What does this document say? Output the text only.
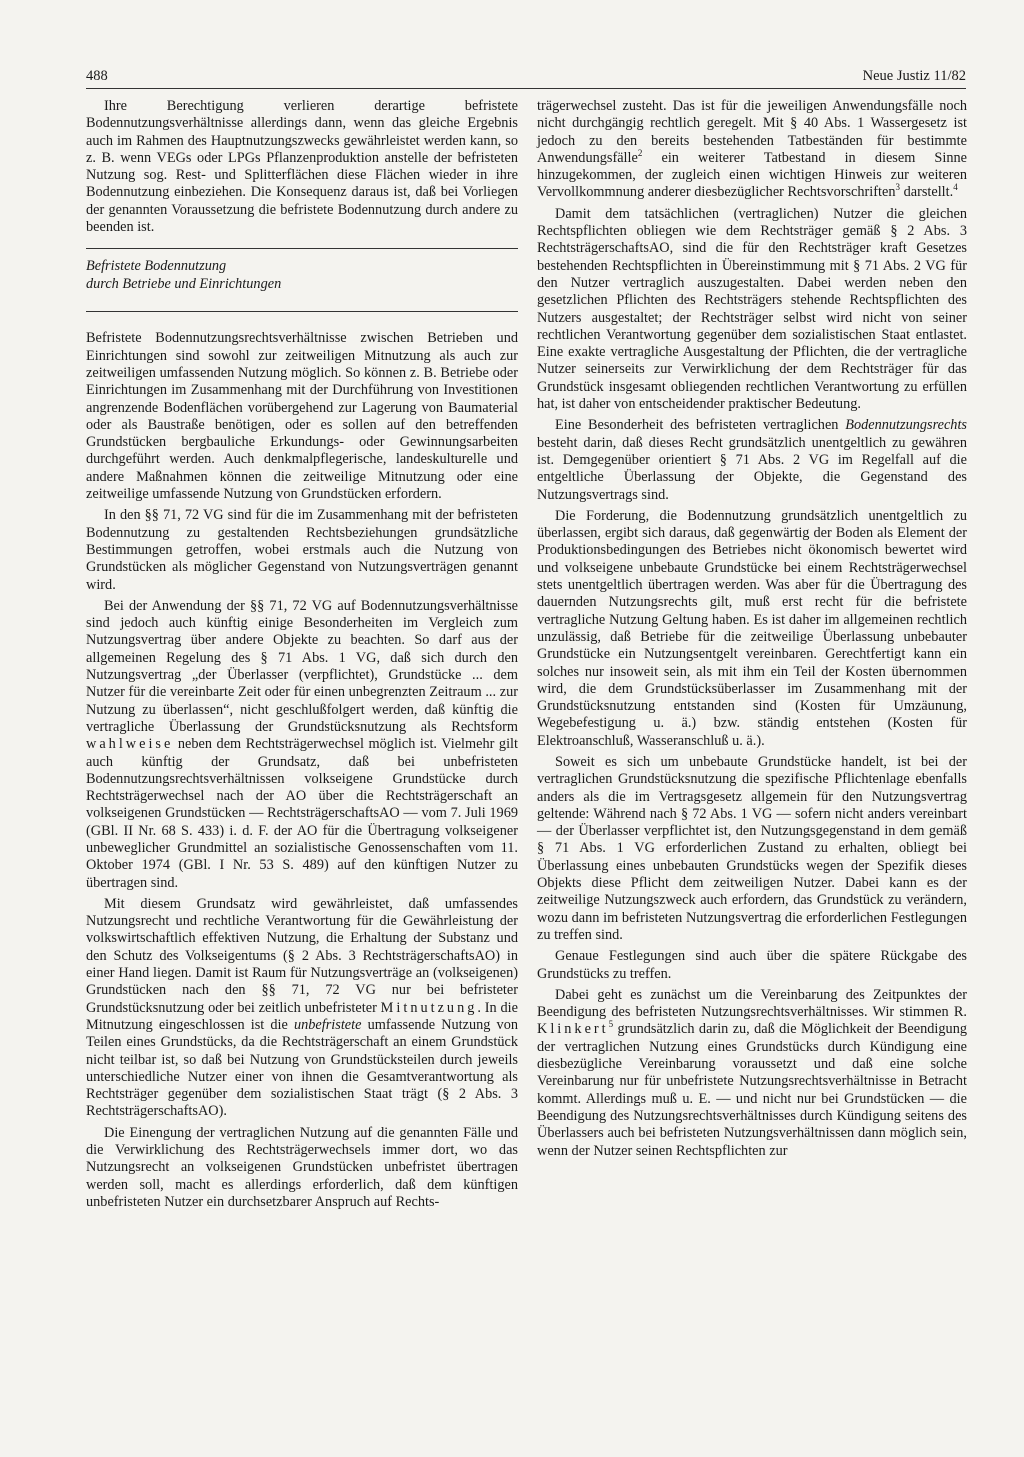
488	Neue Justiz 11/82

Ihre Berechtigung verlieren derartige befristete Bodennutzungsverhältnisse allerdings dann, wenn das gleiche Ergebnis auch im Rahmen des Hauptnutzungszwecks gewährleistet werden kann, so z. B. wenn VEGs oder LPGs Pflanzenproduktion anstelle der befristeten Nutzung sog. Rest- und Splitterflächen diese Flächen wieder in ihre Bodennutzung einbeziehen. Die Konsequenz daraus ist, daß bei Vorliegen der genannten Voraussetzung die befristete Bodennutzung durch andere zu beenden ist.

Befristete Bodennutzung
durch Betriebe und Einrichtungen

Befristete Bodennutzungsrechtsverhältnisse zwischen Betrieben und Einrichtungen sind sowohl zur zeitweiligen Mitnutzung als auch zur zeitweiligen umfassenden Nutzung möglich. So können z. B. Betriebe oder Einrichtungen im Zusammenhang mit der Durchführung von Investitionen angrenzende Bodenflächen vorübergehend zur Lagerung von Baumaterial oder als Baustraße benötigen, oder es sollen auf den betreffenden Grundstücken bergbauliche Erkundungs- oder Gewinnungsarbeiten durchgeführt werden. Auch denkmalpflegerische, landeskulturelle und andere Maßnahmen können die zeitweilige Mitnutzung oder eine zeitweilige umfassende Nutzung von Grundstücken erfordern.

In den §§ 71, 72 VG sind für die im Zusammenhang mit der befristeten Bodennutzung zu gestaltenden Rechtsbeziehungen grundsätzliche Bestimmungen getroffen, wobei erstmals auch die Nutzung von Grundstücken als möglicher Gegenstand von Nutzungsverträgen genannt wird.

Bei der Anwendung der §§ 71, 72 VG auf Bodennutzungsverhältnisse sind jedoch auch künftig einige Besonderheiten im Vergleich zum Nutzungsvertrag über andere Objekte zu beachten. So darf aus der allgemeinen Regelung des § 71 Abs. 1 VG, daß sich durch den Nutzungsvertrag „der Überlasser (verpflichtet), Grundstücke ... dem Nutzer für die vereinbarte Zeit oder für einen unbegrenzten Zeitraum ... zur Nutzung zu überlassen“, nicht geschlußfolgert werden, daß künftig die vertragliche Überlassung der Grundstücksnutzung als Rechtsform wahlweise neben dem Rechtsträgerwechsel möglich ist. Vielmehr gilt auch künftig der Grundsatz, daß bei unbefristeten Bodennutzungsrechtsverhältnissen volkseigene Grundstücke durch Rechtsträgerwechsel nach der AO über die Rechtsträgerschaft an volkseigenen Grundstücken — RechtsträgerschaftsAO — vom 7. Juli 1969 (GBl. II Nr. 68 S. 433) i. d. F. der AO für die Übertragung volkseigener unbeweglicher Grundmittel an sozialistische Genossenschaften vom 11. Oktober 1974 (GBl. I Nr. 53 S. 489) auf den künftigen Nutzer zu übertragen sind.

Mit diesem Grundsatz wird gewährleistet, daß umfassendes Nutzungsrecht und rechtliche Verantwortung für die Gewährleistung der volkswirtschaftlich effektiven Nutzung, die Erhaltung der Substanz und den Schutz des Volkseigentums (§ 2 Abs. 3 RechtsträgerschaftsAO) in einer Hand liegen. Damit ist Raum für Nutzungsverträge an (volkseigenen) Grundstücken nach den §§ 71, 72 VG nur bei befristeter Grundstücksnutzung oder bei zeitlich unbefristeter Mitnutzung. In die Mitnutzung eingeschlossen ist die unbefristete umfassende Nutzung von Teilen eines Grundstücks, da die Rechtsträgerschaft an einem Grundstück nicht teilbar ist, so daß bei Nutzung von Grundstücksteilen durch jeweils unterschiedliche Nutzer einer von ihnen die Gesamtverantwortung als Rechtsträger gegenüber dem sozialistischen Staat trägt (§ 2 Abs. 3 RechtsträgerschaftsAO).

Die Einengung der vertraglichen Nutzung auf die genannten Fälle und die Verwirklichung des Rechtsträgerwechsels immer dort, wo das Nutzungsrecht an volkseigenen Grundstücken unbefristet übertragen werden soll, macht es allerdings erforderlich, daß dem künftigen unbefristeten Nutzer ein durchsetzbarer Anspruch auf Rechts-

trägerwechsel zusteht. Das ist für die jeweiligen Anwendungsfälle noch nicht durchgängig rechtlich geregelt. Mit § 40 Abs. 1 Wassergesetz ist jedoch zu den bereits bestehenden Tatbeständen für bestimmte Anwendungsfälle$^2$ ein weiterer Tatbestand in diesem Sinne hinzugekommen, der zugleich einen wichtigen Hinweis zur weiteren Vervollkommnung anderer diesbezüglicher Rechtsvorschriften$^3$ darstellt.$^4$

Damit dem tatsächlichen (vertraglichen) Nutzer die gleichen Rechtspflichten obliegen wie dem Rechtsträger gemäß § 2 Abs. 3 RechtsträgerschaftsAO, sind die für den Rechtsträger kraft Gesetzes bestehenden Rechtspflichten in Übereinstimmung mit § 71 Abs. 2 VG für den Nutzer vertraglich auszugestalten. Dabei werden neben den gesetzlichen Pflichten des Rechtsträgers stehende Rechtspflichten des Nutzers ausgestaltet; der Rechtsträger selbst wird nicht von seiner rechtlichen Verantwortung gegenüber dem sozialistischen Staat entlastet. Eine exakte vertragliche Ausgestaltung der Pflichten, die der vertragliche Nutzer seinerseits zur Verwirklichung der dem Rechtsträger für das Grundstück insgesamt obliegenden rechtlichen Verantwortung zu erfüllen hat, ist daher von entscheidender praktischer Bedeutung.

Eine Besonderheit des befristeten vertraglichen Bodennutzungsrechts besteht darin, daß dieses Recht grundsätzlich unentgeltlich zu gewähren ist. Demgegenüber orientiert § 71 Abs. 2 VG im Regelfall auf die entgeltliche Überlassung der Objekte, die Gegenstand des Nutzungsvertrags sind.

Die Forderung, die Bodennutzung grundsätzlich unentgeltlich zu überlassen, ergibt sich daraus, daß gegenwärtig der Boden als Element der Produktionsbedingungen des Betriebes nicht ökonomisch bewertet wird und volkseigene unbebaute Grundstücke bei einem Rechtsträgerwechsel stets unentgeltlich übertragen werden. Was aber für die Übertragung des dauernden Nutzungsrechts gilt, muß erst recht für die befristete vertragliche Nutzung Geltung haben. Es ist daher im allgemeinen rechtlich unzulässig, daß Betriebe für die zeitweilige Überlassung unbebauter Grundstücke ein Nutzungsentgelt vereinbaren. Gerechtfertigt kann ein solches nur insoweit sein, als mit ihm ein Teil der Kosten übernommen wird, die dem Grundstücksüberlasser im Zusammenhang mit der Grundstücksnutzung entstanden sind (Kosten für Umzäunung, Wegebefestigung u. ä.) bzw. ständig entstehen (Kosten für Elektroanschluß, Wasseranschluß u. ä.).

Soweit es sich um unbebaute Grundstücke handelt, ist bei der vertraglichen Grundstücksnutzung die spezifische Pflichtenlage ebenfalls anders als die im Vertragsgesetz allgemein für den Nutzungsvertrag geltende: Während nach § 72 Abs. 1 VG — sofern nicht anders vereinbart — der Überlasser verpflichtet ist, den Nutzungsgegenstand in dem gemäß § 71 Abs. 1 VG erforderlichen Zustand zu erhalten, obliegt bei Überlassung eines unbebauten Grundstücks wegen der Spezifik dieses Objekts diese Pflicht dem zeitweiligen Nutzer. Dabei kann es der zeitweilige Nutzungszweck auch erfordern, das Grundstück zu verändern, wozu dann im befristeten Nutzungsvertrag die erforderlichen Festlegungen zu treffen sind.

Genaue Festlegungen sind auch über die spätere Rückgabe des Grundstücks zu treffen.

Dabei geht es zunächst um die Vereinbarung des Zeitpunktes der Beendigung des befristeten Nutzungsrechtsverhältnisses. Wir stimmen R. Klinkert$^5$ grundsätzlich darin zu, daß die Möglichkeit der Beendigung der vertraglichen Nutzung eines Grundstücks durch Kündigung eine diesbezügliche Vereinbarung voraussetzt und daß eine solche Vereinbarung nur für unbefristete Nutzungsrechtsverhältnisse in Betracht kommt. Allerdings muß u. E. — und nicht nur bei Grundstücken — die Beendigung des Nutzungsrechtsverhältnisses durch Kündigung seitens des Überlassers auch bei befristeten Nutzungsverhältnissen dann möglich sein, wenn der Nutzer seinen Rechtspflichten zur
